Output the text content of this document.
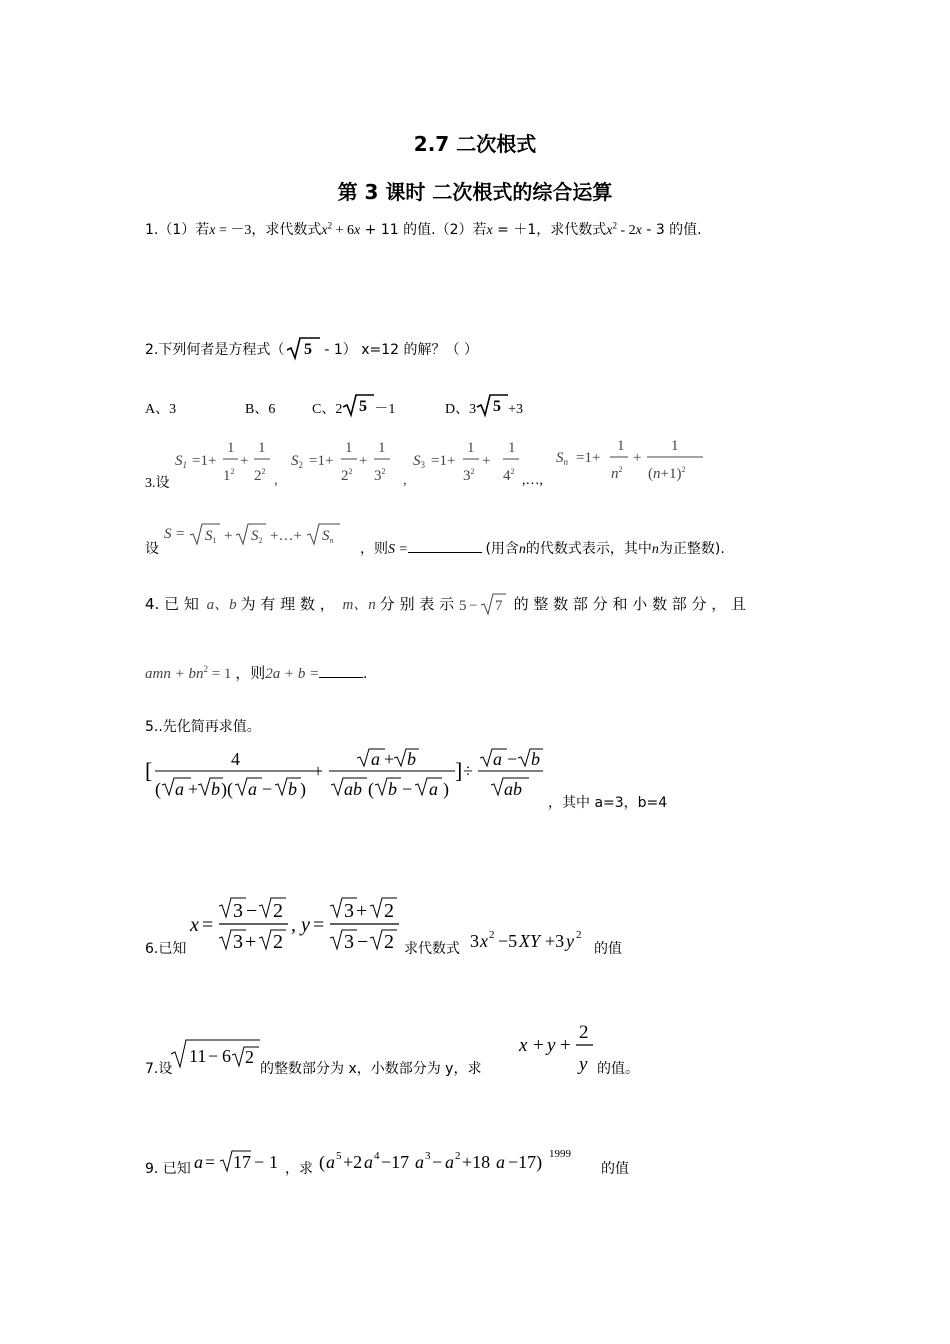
2.7 二次根式
第 3 课时 二次根式的综合运算
1.（1）若x = －3，求代数式$x^2 + 6x + 11$ 的值.（2）若x = ＋1，求代数式$x^2 - 2x - 3$ 的值.
2.下列何者是方程式（ 5 - 1） x=12 的解？（ ）
A、3	B、6	C、2 5 －1	D、3 5 +3
3.设
$S_1 =1+$
1
$1^2$
+
1
$2^2$
,
$S_2 =1+$
1
$2^2$
+
1
$3^2$
,
$S_3 =1+$
1
$3^2$
+
1
$4^2$
,…,
$S_n =1+$
1
$n^2$
+
1
$(n+1)^2$
设
$S = S_1 + S_2$ +…+ $S_n$
，则S =	(用含n的代数式表示，其中n为正整数).
4. 已 知 a、b 为 有 理 数 ， m、n 分 别 表 示 5 − 7 的 整 数 部 分 和 小 数 部 分 ， 且
amn + $bn^2 = 1$ ，则2a + b =	.
5..先化简再求值。
[	4
( a + b )( a − b )
+
a + b
ab ( b − a )
] ÷
a − b
ab
，其中 a=3，b=4
6.已知
x =
3 − 2
3 + 2
, y =
3 + 2
3 − 2 求代数式 3 x 2 −5 XY +3 y 2
的值
7.设
11 − 6 2
的整数部分为 x，小数部分为 y，求
x + y +
2
y 的值。
9. 已知 a = 17 − 1 ，求 ( a 5 +2 a 4 −17 a 3 − a 2 +18 a −17) 1999
的值
